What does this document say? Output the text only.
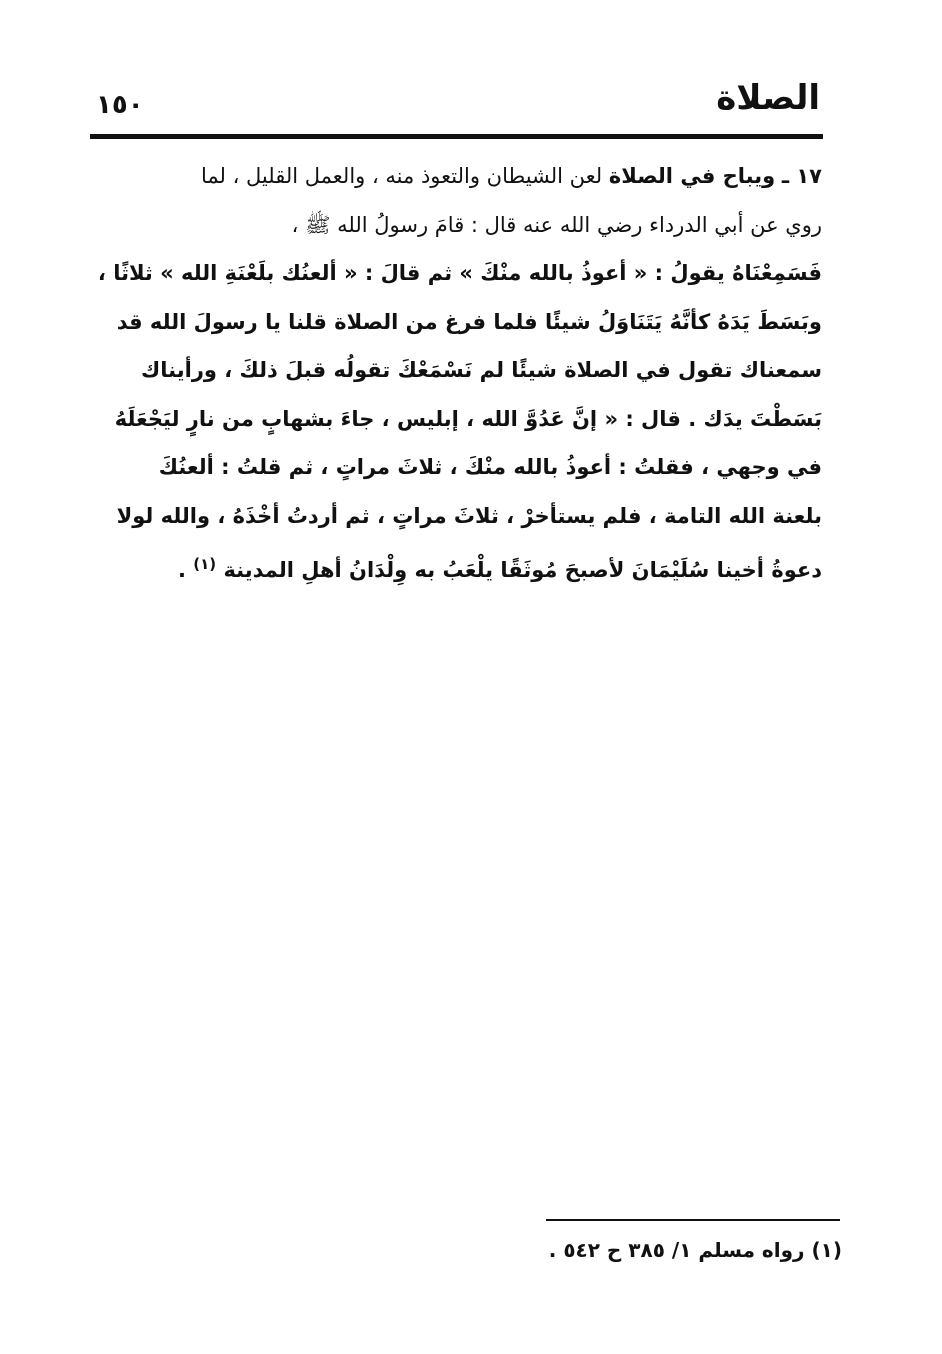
الصلاة
١٥٠
١٧ ـ ويباح في الصلاة لعن الشيطان والتعوذ منه ، والعمل القليل ، لما
روي عن أبي الدرداء رضي الله عنه قال : قامَ رسولُ الله ﷺ ،
فَسَمِعْنَاهُ يقولُ : « أعوذُ بالله منْكَ » ثم قالَ : « ألعنُك بلَعْنَةِ الله » ثلاثًا ،
وبَسَطَ يَدَهُ كأنَّهُ يَتَنَاوَلُ شيئًا فلما فرغ من الصلاة قلنا يا رسولَ الله قد
سمعناك تقول في الصلاة شيئًا لم نَسْمَعْكَ تقولُه قبلَ ذلكَ ، ورأيناك
بَسَطْتَ يدَك . قال : « إنَّ عَدُوَّ الله ، إبليس ، جاءَ بشهابٍ من نارٍ ليَجْعَلَهُ
في وجهي ، فقلتُ : أعوذُ بالله منْكَ ، ثلاثَ مراتٍ ، ثم قلتُ : ألعنُكَ
بلعنة الله التامة ، فلم يستأخرْ ، ثلاثَ مراتٍ ، ثم أردتُ أخْذَهُ ، والله لولا
دعوةُ أخينا سُلَيْمَانَ لأصبحَ مُوثَقًا يلْعَبُ به وِلْدَانُ أهلِ المدينة $^{(١)}$ .
(١) رواه مسلم ١/ ٣٨٥ ح ٥٤٢ .
